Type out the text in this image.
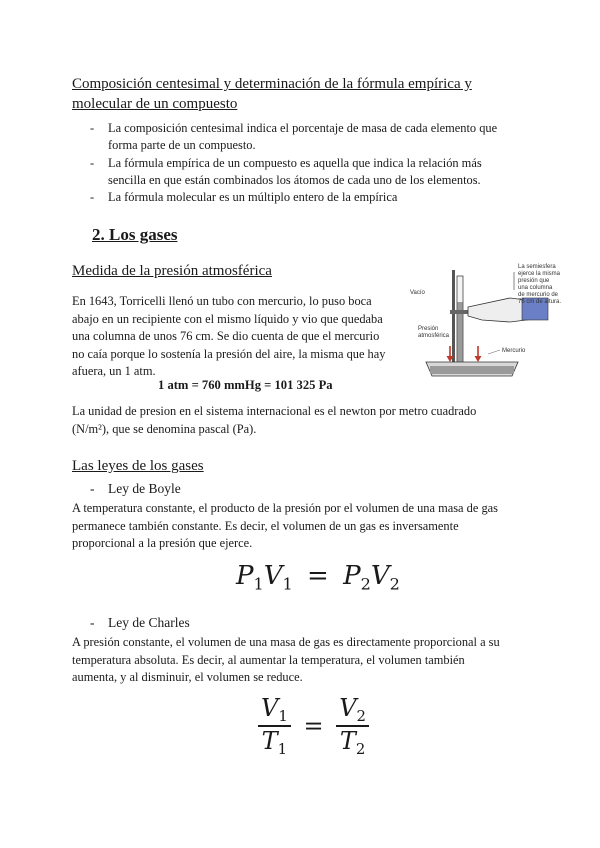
Composición centesimal y determinación de la fórmula empírica y
molecular de un compuesto
- La composición centesimal indica el porcentaje de masa de cada elemento que
forma parte de un compuesto.
- La fórmula empírica de un compuesto es aquella que indica la relación más
sencilla en que están combinados los átomos de cada uno de los elementos.
- La fórmula molecular es un múltiplo entero de la empírica
2. Los gases
Medida de la presión atmosférica
En 1643, Torricelli llenó un tubo con mercurio, lo puso boca
abajo en un recipiente con el mismo líquido y vio que quedaba
una columna de unos 76 cm. Se dio cuenta de que el mercurio
no caía porque lo sostenía la presión del aire, la misma que hay
afuera, un 1 atm.
1 atm = 760 mmHg = 101 325 Pa
Vacío
Presión
atmosférica
Mercurio
La semiesfera
ejerce la misma
presión que
una columna
de mercurio de
76 cm de altura.
La unidad de presion en el sistema internacional es el newton por metro cuadrado
(N/m²), que se denomina pascal (Pa).
Las leyes de los gases
- Ley de Boyle
A temperatura constante, el producto de la presión por el volumen de una masa de gas
permanece también constante. Es decir, el volumen de un gas es inversamente
proporcional a la presión que ejerce.
$P_1V_1 = P_2V_2$
- Ley de Charles
A presión constante, el volumen de una masa de gas es directamente proporcional a su
temperatura absoluta. Es decir, al aumentar la temperatura, el volumen también
aumenta, y al disminuir, el volumen se reduce.
$\frac{V_1}{T_1} = \frac{V_2}{T_2}$
